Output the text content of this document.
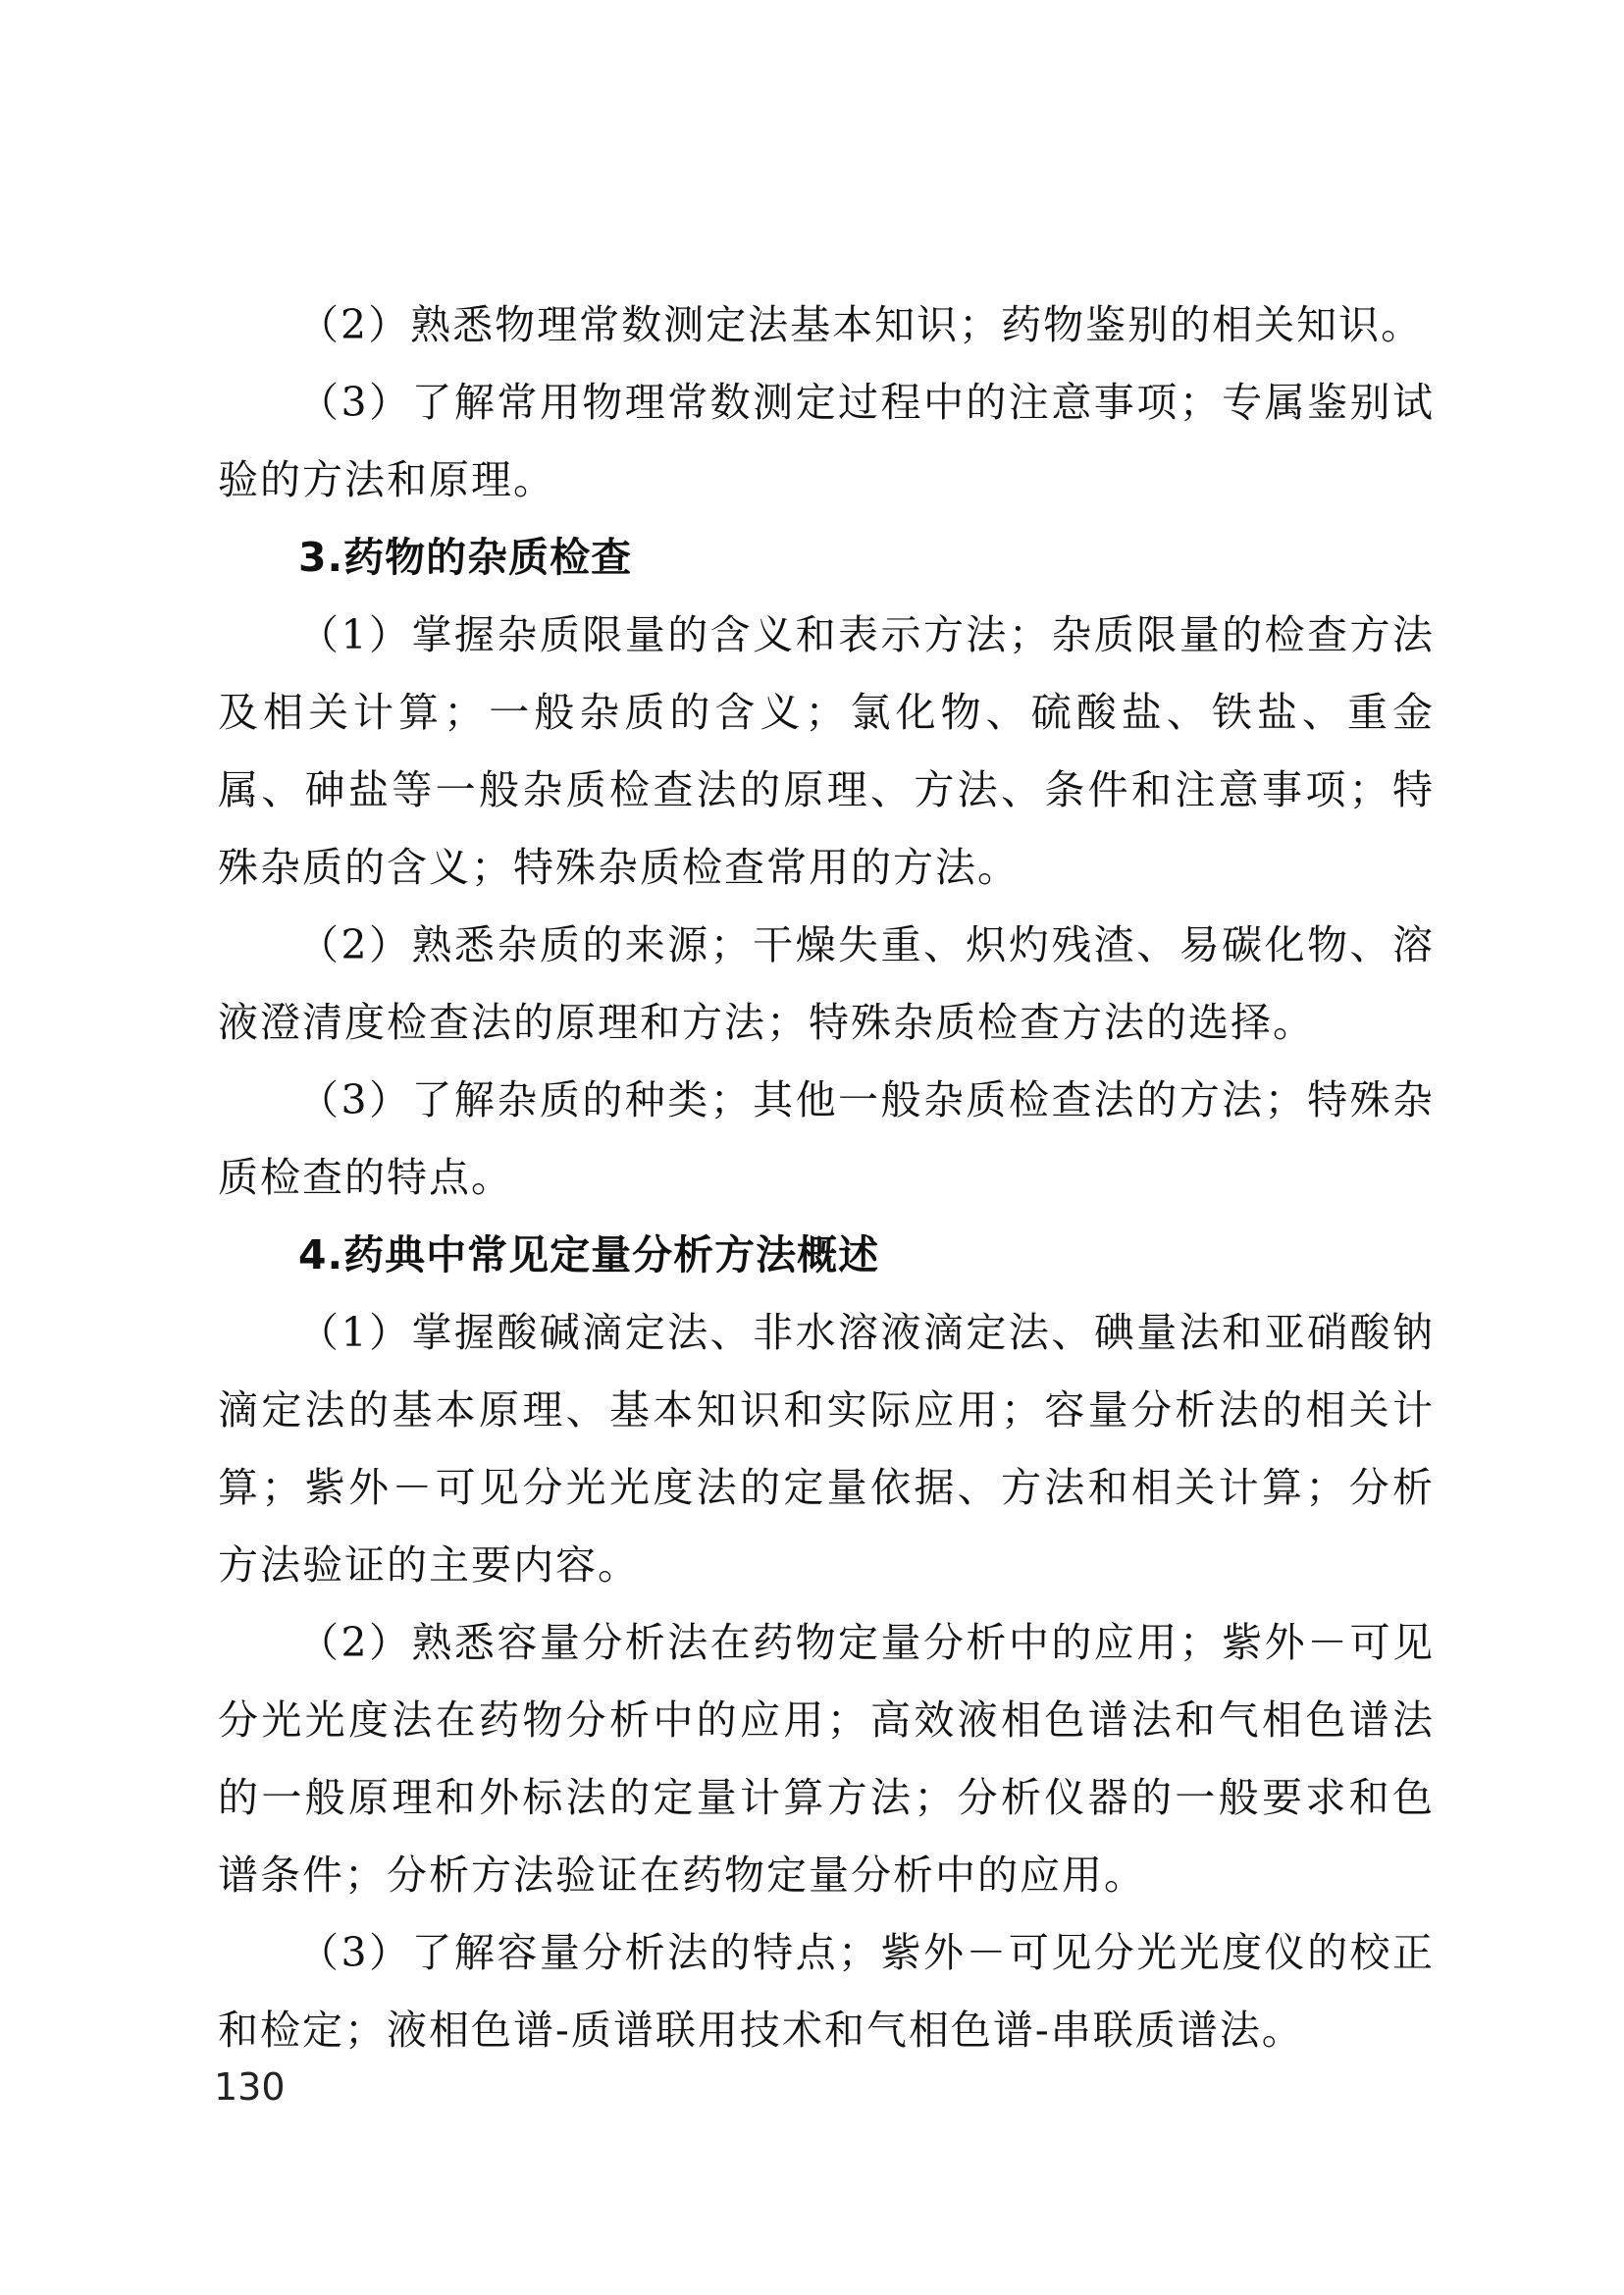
（2）熟悉物理常数测定法基本知识；药物鉴别的相关知识。

（3）了解常用物理常数测定过程中的注意事项；专属鉴别试验的方法和原理。

3.药物的杂质检查

（1）掌握杂质限量的含义和表示方法；杂质限量的检查方法及相关计算；一般杂质的含义；氯化物、硫酸盐、铁盐、重金属、砷盐等一般杂质检查法的原理、方法、条件和注意事项；特殊杂质的含义；特殊杂质检查常用的方法。

（2）熟悉杂质的来源；干燥失重、炽灼残渣、易碳化物、溶液澄清度检查法的原理和方法；特殊杂质检查方法的选择。

（3）了解杂质的种类；其他一般杂质检查法的方法；特殊杂质检查的特点。

4.药典中常见定量分析方法概述

（1）掌握酸碱滴定法、非水溶液滴定法、碘量法和亚硝酸钠滴定法的基本原理、基本知识和实际应用；容量分析法的相关计算；紫外－可见分光光度法的定量依据、方法和相关计算；分析方法验证的主要内容。

（2）熟悉容量分析法在药物定量分析中的应用；紫外－可见分光光度法在药物分析中的应用；高效液相色谱法和气相色谱法的一般原理和外标法的定量计算方法；分析仪器的一般要求和色谱条件；分析方法验证在药物定量分析中的应用。

（3）了解容量分析法的特点；紫外－可见分光光度仪的校正和检定；液相色谱-质谱联用技术和气相色谱-串联质谱法。

130
